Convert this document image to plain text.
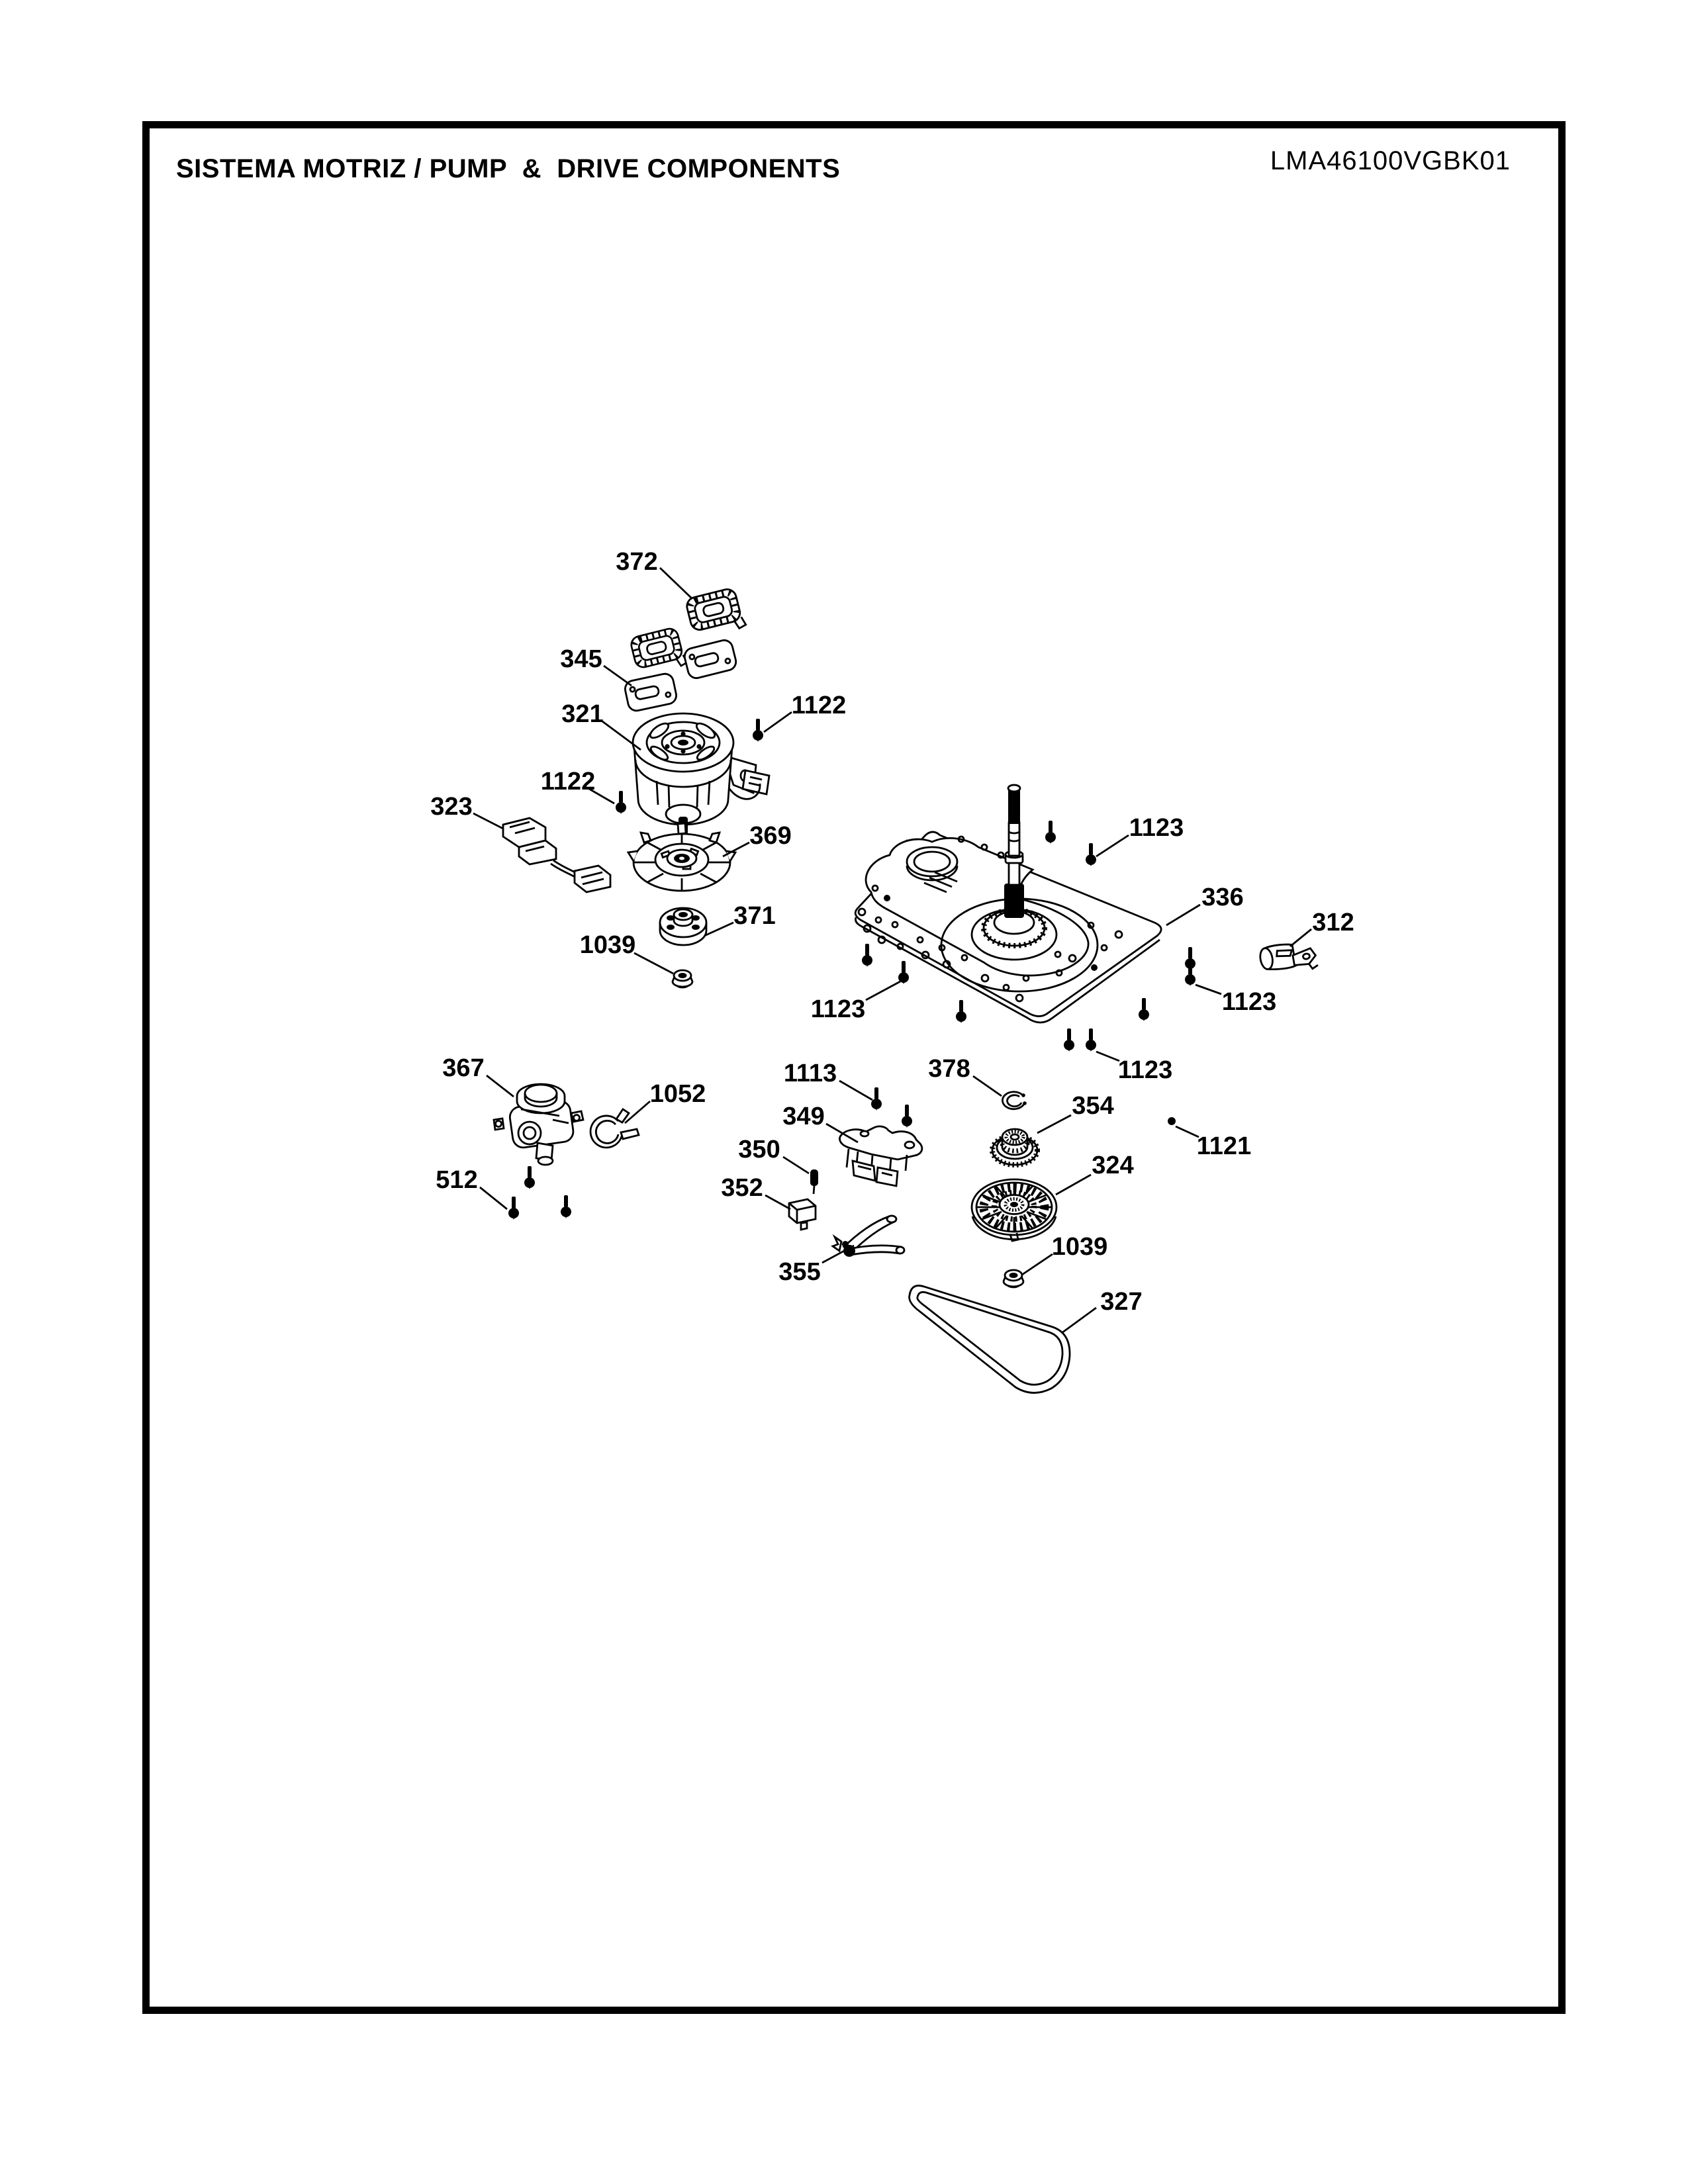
SISTEMA MOTRIZ / PUMP  &  DRIVE COMPONENTS	LMA46100VGBK01
372
345
321	1122
1122
323
369
371
1039
1123
336
312
1123
1123
1123
1121
1113	378
349	354
350
352
324
367
1052
512
355
1039
327
